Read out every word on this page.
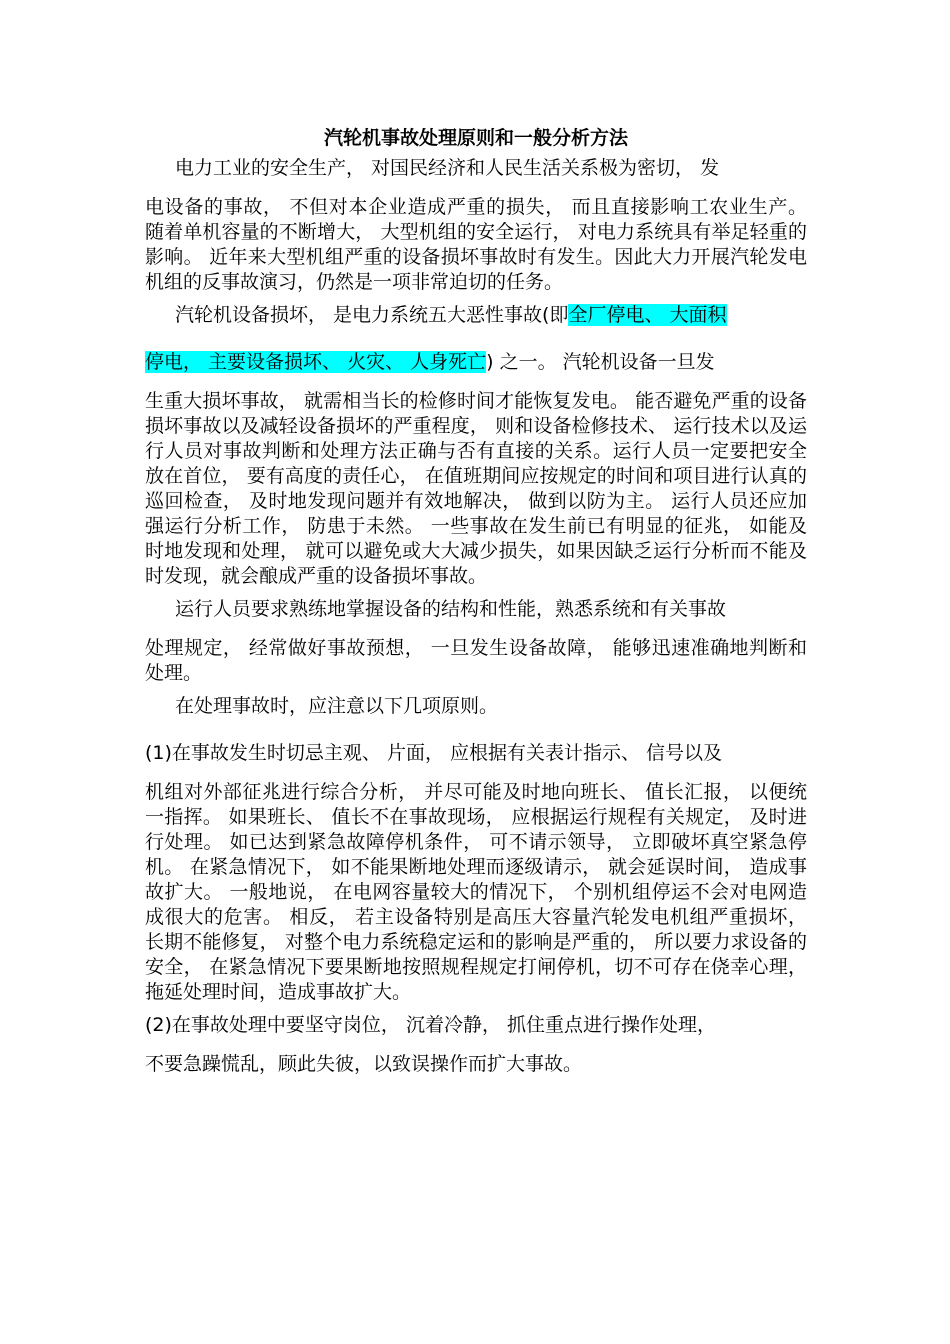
汽轮机事故处理原则和一般分析方法
电力工业的安全生产， 对国民经济和人民生活关系极为密切， 发
电设备的事故， 不但对本企业造成严重的损失， 而且直接影响工农业生产。 随着单机容量的不断增大， 大型机组的安全运行， 对电力系统具有举足轻重的影响。 近年来大型机组严重的设备损坏事故时有发生。因此大力开展汽轮发电机组的反事故演习，仍然是一项非常迫切的任务。
汽轮机设备损坏， 是电力系统五大恶性事故(即全厂停电、 大面积
停电， 主要设备损坏、 火灾、 人身死亡) 之一。 汽轮机设备一旦发
生重大损坏事故， 就需相当长的检修时间才能恢复发电。 能否避免严重的设备损坏事故以及减轻设备损坏的严重程度， 则和设备检修技术、 运行技术以及运行人员对事故判断和处理方法正确与否有直接的关系。运行人员一定要把安全放在首位， 要有高度的责任心， 在值班期间应按规定的时间和项目进行认真的巡回检查， 及时地发现问题并有效地解决， 做到以防为主。 运行人员还应加强运行分析工作， 防患于未然。 一些事故在发生前已有明显的征兆， 如能及时地发现和处理， 就可以避免或大大减少损失，如果因缺乏运行分析而不能及时发现，就会酿成严重的设备损坏事故。
运行人员要求熟练地掌握设备的结构和性能，熟悉系统和有关事故
处理规定， 经常做好事故预想， 一旦发生设备故障， 能够迅速准确地判断和处理。
在处理事故时，应注意以下几项原则。
(1)在事故发生时切忌主观、 片面， 应根据有关表计指示、 信号以及
机组对外部征兆进行综合分析， 并尽可能及时地向班长、 值长汇报， 以便统一指挥。 如果班长、 值长不在事故现场， 应根据运行规程有关规定， 及时进行处理。 如已达到紧急故障停机条件， 可不请示领导， 立即破坏真空紧急停机。 在紧急情况下， 如不能果断地处理而逐级请示， 就会延误时间， 造成事故扩大。 一般地说， 在电网容量较大的情况下， 个别机组停运不会对电网造成很大的危害。 相反， 若主设备特别是高压大容量汽轮发电机组严重损坏， 长期不能修复， 对整个电力系统稳定运和的影响是严重的， 所以要力求设备的安全， 在紧急情况下要果断地按照规程规定打闸停机，切不可存在侥幸心理，拖延处理时间，造成事故扩大。
(2)在事故处理中要坚守岗位， 沉着冷静， 抓住重点进行操作处理，
不要急躁慌乱，顾此失彼，以致误操作而扩大事故。
